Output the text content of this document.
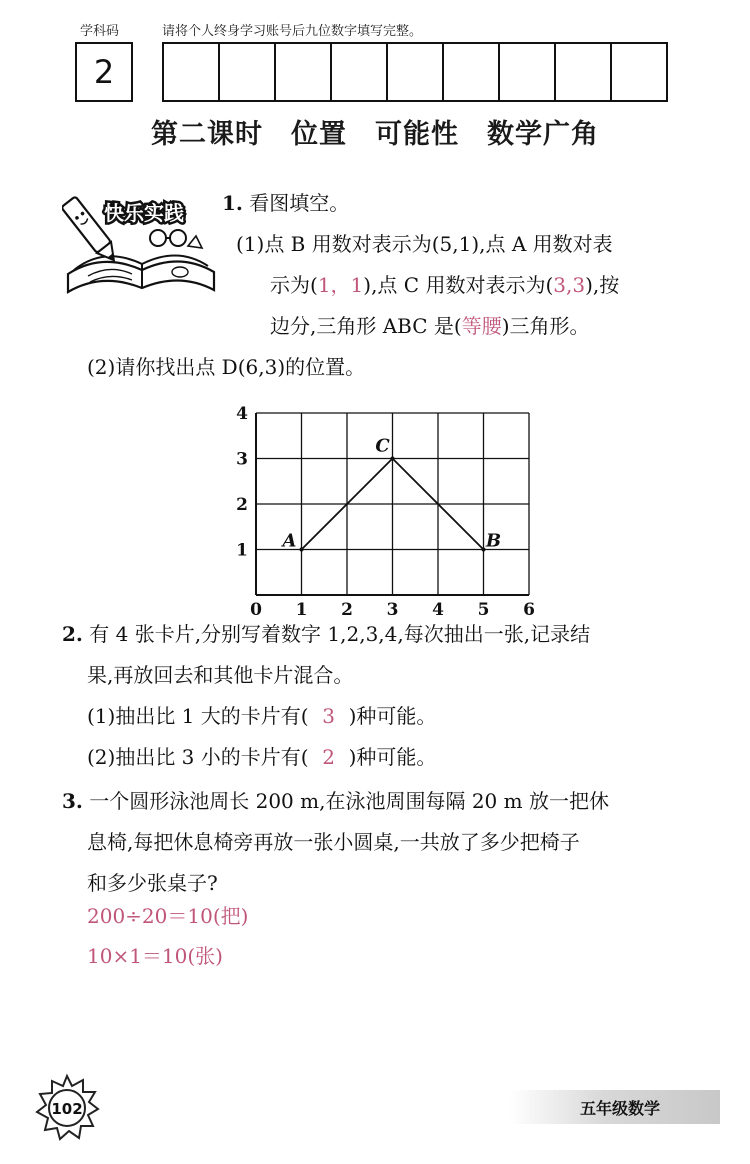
学科码	请将个人终身学习账号后九位数字填写完整。
2
第二课时　位置　可能性　数学广角
快乐实践 1. 看图填空。
(1)点 B 用数对表示为(5,1),点 A 用数对表
示为(1，1),点 C 用数对表示为(3,3),按
边分,三角形 ABC 是(等腰)三角形。
(2)请你找出点 D(6,3)的位置。
0 1 2 3 4 5 6
1
2
3
4
A
C
B
2. 有 4 张卡片,分别写着数字 1,2,3,4,每次抽出一张,记录结
果,再放回去和其他卡片混合。
(1)抽出比 1 大的卡片有( 3 )种可能。
(2)抽出比 3 小的卡片有( 2 )种可能。
3. 一个圆形泳池周长 200 m,在泳池周围每隔 20 m 放一把休
息椅,每把休息椅旁再放一张小圆桌,一共放了多少把椅子
和多少张桌子?
200÷20＝10(把)
10×1＝10(张)
102	五年级数学
